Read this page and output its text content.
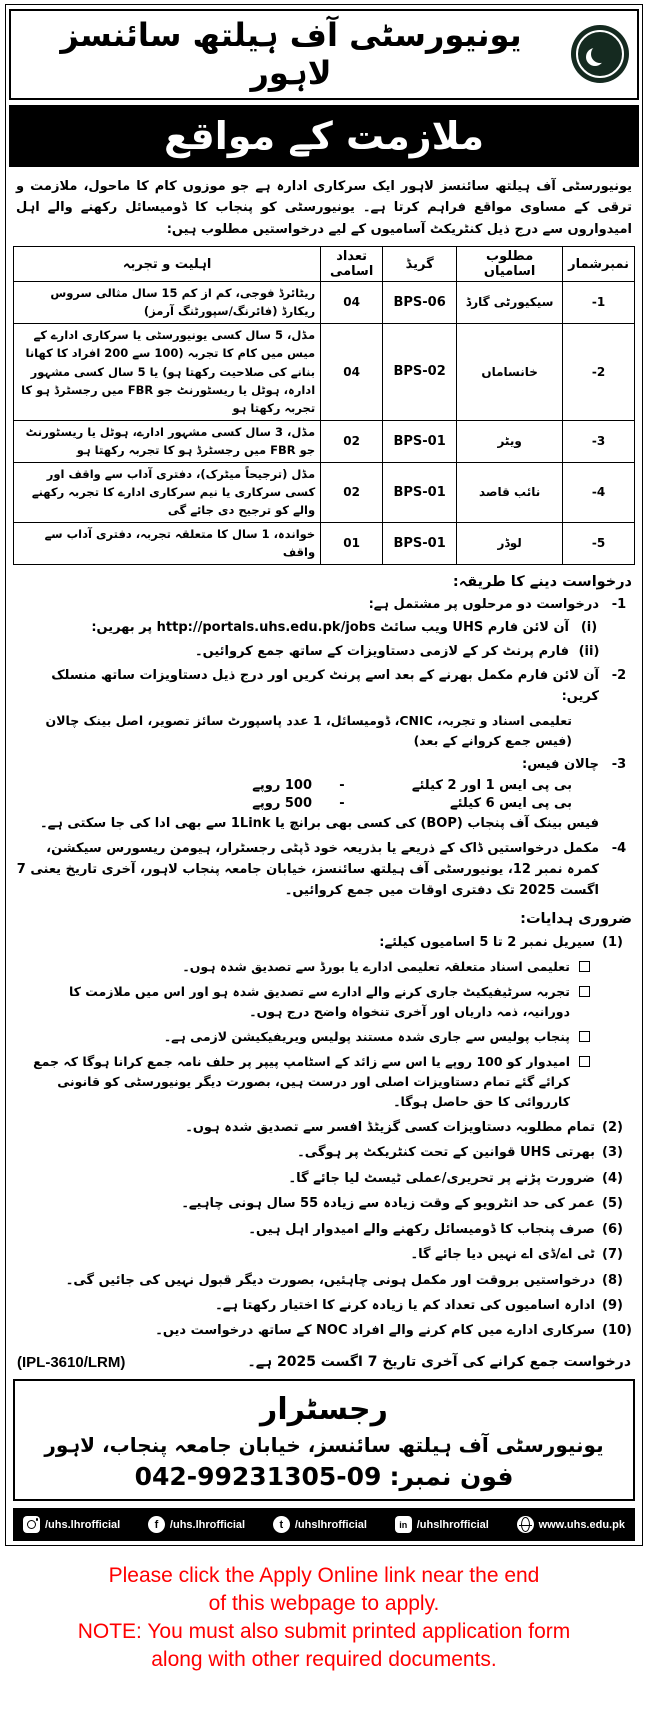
یونیورسٹی آف ہیلتھ سائنسز لاہور
ملازمت کے مواقع

یونیورسٹی آف ہیلتھ سائنسز لاہور ایک سرکاری ادارہ ہے جو موزوں کام کا ماحول، ملازمت و ترقی کے مساوی مواقع فراہم کرتا ہے۔ یونیورسٹی کو پنجاب کا ڈومیسائل رکھنے والے اہل امیدواروں سے درج ذیل کنٹریکٹ آسامیوں کے لیے درخواستیں مطلوب ہیں:

نمبرشمار	مطلوب اسامیاں	گریڈ	تعداد اسامی	اہلیت و تجربہ
-1	سیکیورٹی گارڈ	BPS-06	04	ریٹائرڈ فوجی، کم از کم 15 سال مثالی سروس ریکارڈ (فائرنگ/سپورٹنگ آرمز)
-2	خانساماں	BPS-02	04	مڈل، 5 سال کسی یونیورسٹی یا سرکاری ادارے کے میس میں کام کا تجربہ (100 سے 200 افراد کا کھانا بنانے کی صلاحیت رکھتا ہو) یا 5 سال کسی مشہور ادارہ، ہوٹل یا ریسٹورنٹ جو FBR میں رجسٹرڈ ہو کا تجربہ رکھتا ہو
-3	ویٹر	BPS-01	02	مڈل، 3 سال کسی مشہور ادارے، ہوٹل یا ریسٹورنٹ جو FBR میں رجسٹرڈ ہو کا تجربہ رکھتا ہو
-4	نائب قاصد	BPS-01	02	مڈل (ترجیحاً میٹرک)، دفتری آداب سے واقف اور کسی سرکاری یا نیم سرکاری ادارے کا تجربہ رکھنے والے کو ترجیح دی جائے گی
-5	لوڈر	BPS-01	01	خواندہ، 1 سال کا متعلقہ تجربہ، دفتری آداب سے واقف
درخواست دینے کا طریقہ:
-1
درخواست دو مرحلوں پر مشتمل ہے:
(i)
آن لائن فارم UHS ویب سائٹ http://portals.uhs.edu.pk/jobs پر بھریں:
(ii)
فارم پرنٹ کر کے لازمی دستاویزات کے ساتھ جمع کروائیں۔
-2
آن لائن فارم مکمل بھرنے کے بعد اسے پرنٹ کریں اور درج ذیل دستاویزات ساتھ منسلک کریں:
تعلیمی اسناد و تجربہ، CNIC، ڈومیسائل، 1 عدد پاسپورٹ سائز تصویر، اصل بینک چالان (فیس جمع کروانے کے بعد)
-3
چالان فیس:
بی پی ایس 1 اور 2 کیلئے
-
100 روپے
بی پی ایس 6 کیلئے
-
500 روپے
فیس بینک آف پنجاب (BOP) کی کسی بھی برانچ یا 1Link سے بھی ادا کی جا سکتی ہے۔
-4
مکمل درخواستیں ڈاک کے ذریعے یا بذریعہ خود ڈپٹی رجسٹرار، ہیومن ریسورس سیکشن، کمرہ نمبر 12، یونیورسٹی آف ہیلتھ سائنسز، خیابان جامعہ پنجاب لاہور، آخری تاریخ یعنی 7 اگست 2025 تک دفتری اوقات میں جمع کروائیں۔
ضروری ہدایات:
(1)
سیریل نمبر 2 تا 5 اسامیوں کیلئے:
تعلیمی اسناد متعلقہ تعلیمی ادارے یا بورڈ سے تصدیق شدہ ہوں۔
تجربہ سرٹیفیکیٹ جاری کرنے والے ادارے سے تصدیق شدہ ہو اور اس میں ملازمت کا دورانیہ، ذمہ داریاں اور آخری تنخواہ واضح درج ہوں۔
پنجاب پولیس سے جاری شدہ مستند پولیس ویریفیکیشن لازمی ہے۔
امیدوار کو 100 روپے یا اس سے زائد کے اسٹامپ پیپر پر حلف نامہ جمع کرانا ہوگا کہ جمع کرائے گئے تمام دستاویزات اصلی اور درست ہیں، بصورت دیگر یونیورسٹی کو قانونی کارروائی کا حق حاصل ہوگا۔
(2)
تمام مطلوبہ دستاویزات کسی گزیٹڈ افسر سے تصدیق شدہ ہوں۔
(3)
بھرتی UHS قوانین کے تحت کنٹریکٹ پر ہوگی۔
(4)
ضرورت پڑنے پر تحریری/عملی ٹیسٹ لیا جائے گا۔
(5)
عمر کی حد انٹرویو کے وقت زیادہ سے زیادہ 55 سال ہونی چاہیے۔
(6)
صرف پنجاب کا ڈومیسائل رکھنے والے امیدوار اہل ہیں۔
(7)
ٹی اے/ڈی اے نہیں دیا جائے گا۔
(8)
درخواستیں بروقت اور مکمل ہونی چاہئیں، بصورت دیگر قبول نہیں کی جائیں گی۔
(9)
ادارہ اسامیوں کی تعداد کم یا زیادہ کرنے کا اختیار رکھتا ہے۔
(10)
سرکاری ادارے میں کام کرنے والے افراد NOC کے ساتھ درخواست دیں۔
درخواست جمع کرانے کی آخری تاریخ 7 اگست 2025 ہے۔
(IPL-3610/LRM)
رجسٹرار
یونیورسٹی آف ہیلتھ سائنسز، خیابان جامعہ پنجاب، لاہور
فون نمبر:
042-99231305-09
/uhs.lhrofficial f	/uhs.lhrofficial t	/uhslhrofficial in	/uhslhrofficial	www.uhs.edu.pk
Please click the Apply Online link near the end
of this webpage to apply.
NOTE: You must also submit printed application form
along with other required documents.
